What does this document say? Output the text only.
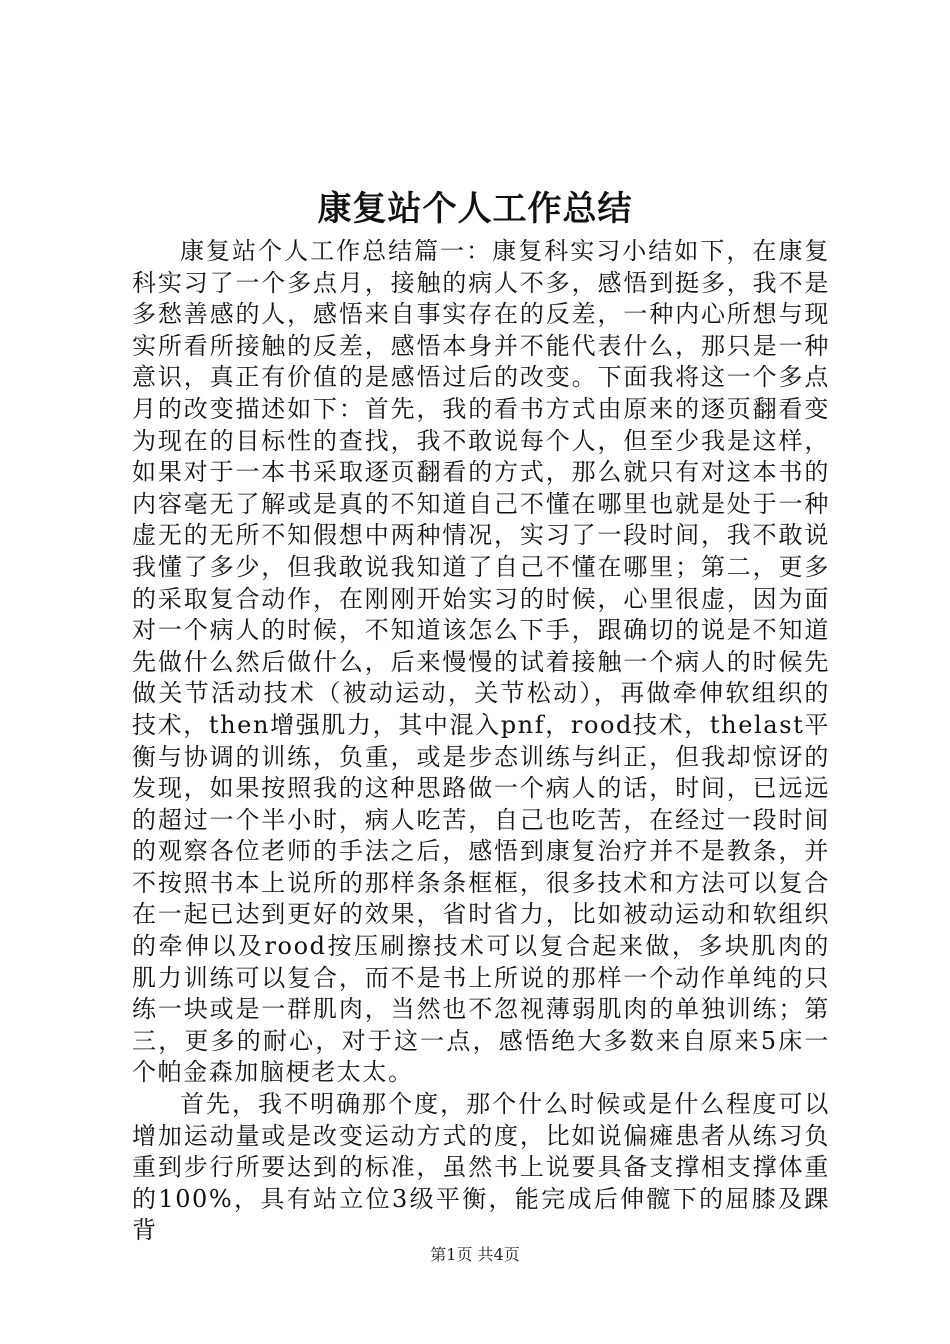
康复站个人工作总结

康复站个人工作总结篇一：康复科实习小结如下，在康复科实习了一个多点月，接触的病人不多，感悟到挺多，我不是多愁善感的人，感悟来自事实存在的反差，一种内心所想与现实所看所接触的反差，感悟本身并不能代表什么，那只是一种意识，真正有价值的是感悟过后的改变。下面我将这一个多点月的改变描述如下：首先，我的看书方式由原来的逐页翻看变为现在的目标性的查找，我不敢说每个人，但至少我是这样，如果对于一本书采取逐页翻看的方式，那么就只有对这本书的内容毫无了解或是真的不知道自己不懂在哪里也就是处于一种虚无的无所不知假想中两种情况，实习了一段时间，我不敢说我懂了多少，但我敢说我知道了自己不懂在哪里；第二，更多的采取复合动作，在刚刚开始实习的时候，心里很虚，因为面对一个病人的时候，不知道该怎么下手，跟确切的说是不知道先做什么然后做什么，后来慢慢的试着接触一个病人的时候先做关节活动技术（被动运动，关节松动），再做牵伸软组织的技术，then增强肌力，其中混入pnf，rood技术，thelast平衡与协调的训练，负重，或是步态训练与纠正，但我却惊讶的发现，如果按照我的这种思路做一个病人的话，时间，已远远的超过一个半小时，病人吃苦，自己也吃苦，在经过一段时间的观察各位老师的手法之后，感悟到康复治疗并不是教条，并不按照书本上说所的那样条条框框，很多技术和方法可以复合在一起已达到更好的效果，省时省力，比如被动运动和软组织的牵伸以及rood按压刷擦技术可以复合起来做，多块肌肉的肌力训练可以复合，而不是书上所说的那样一个动作单纯的只练一块或是一群肌肉，当然也不忽视薄弱肌肉的单独训练；第三，更多的耐心，对于这一点，感悟绝大多数来自原来5床一个帕金森加脑梗老太太。

首先，我不明确那个度，那个什么时候或是什么程度可以增加运动量或是改变运动方式的度，比如说偏瘫患者从练习负重到步行所要达到的标准，虽然书上说要具备支撑相支撑体重的100%，具有站立位3级平衡，能完成后伸髋下的屈膝及踝背

第1页 共4页
